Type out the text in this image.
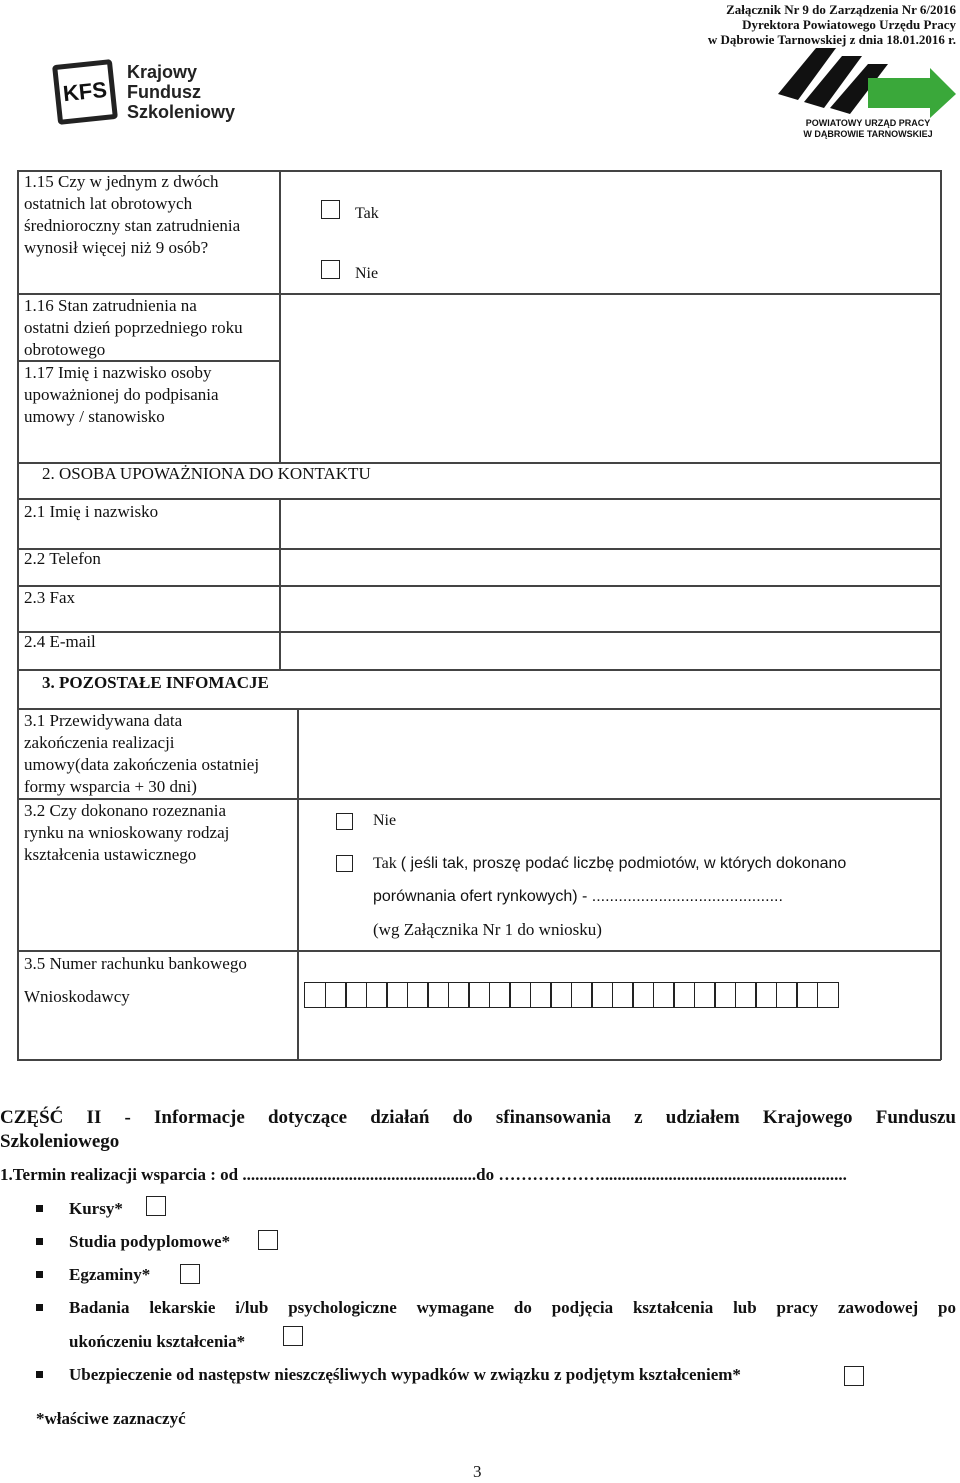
Załącznik Nr 9 do Zarządzenia Nr 6/2016
Dyrektora Powiatowego Urzędu Pracy
w Dąbrowie Tarnowskiej z dnia 18.01.2016 r.
KFS
Krajowy
Fundusz
Szkoleniowy
POWIATOWY URZĄD PRACY
W DĄBROWIE TARNOWSKIEJ
1.15 Czy w jednym z dwóch
ostatnich lat obrotowych
średnioroczny stan zatrudnienia
wynosił więcej niż 9 osób?
Tak
Nie
1.16 Stan zatrudnienia na
ostatni dzień poprzedniego roku
obrotowego
1.17 Imię i nazwisko osoby
upoważnionej do podpisania
umowy / stanowisko
2. OSOBA UPOWAŻNIONA DO KONTAKTU
2.1 Imię i nazwisko
2.2 Telefon
2.3 Fax
2.4 E-mail
3. POZOSTAŁE INFOMACJE
3.1 Przewidywana data
zakończenia realizacji
umowy(data zakończenia ostatniej
formy wsparcia + 30 dni)
3.2 Czy dokonano rozeznania
rynku na wnioskowany rodzaj
kształcenia ustawicznego
Nie
Tak ( jeśli tak, proszę podać liczbę podmiotów, w których dokonano
porównania ofert rynkowych) - ...........................................
(wg Załącznika Nr 1 do wniosku)
3.5 Numer rachunku bankowego
Wnioskodawcy
CZĘŚĆ II - Informacje dotyczące działań do sfinansowania z udziałem Krajowego Funduszu
Szkoleniowego
1.Termin realizacji wsparcia : od .......................................................do ………………..........................................................
Kursy*
Studia podyplomowe*
Egzaminy*
Badania lekarskie i/lub psychologiczne wymagane do podjęcia kształcenia lub pracy zawodowej po
ukończeniu kształcenia*
Ubezpieczenie od następstw nieszczęśliwych wypadków w związku z podjętym kształceniem*
*właściwe zaznaczyć
3
